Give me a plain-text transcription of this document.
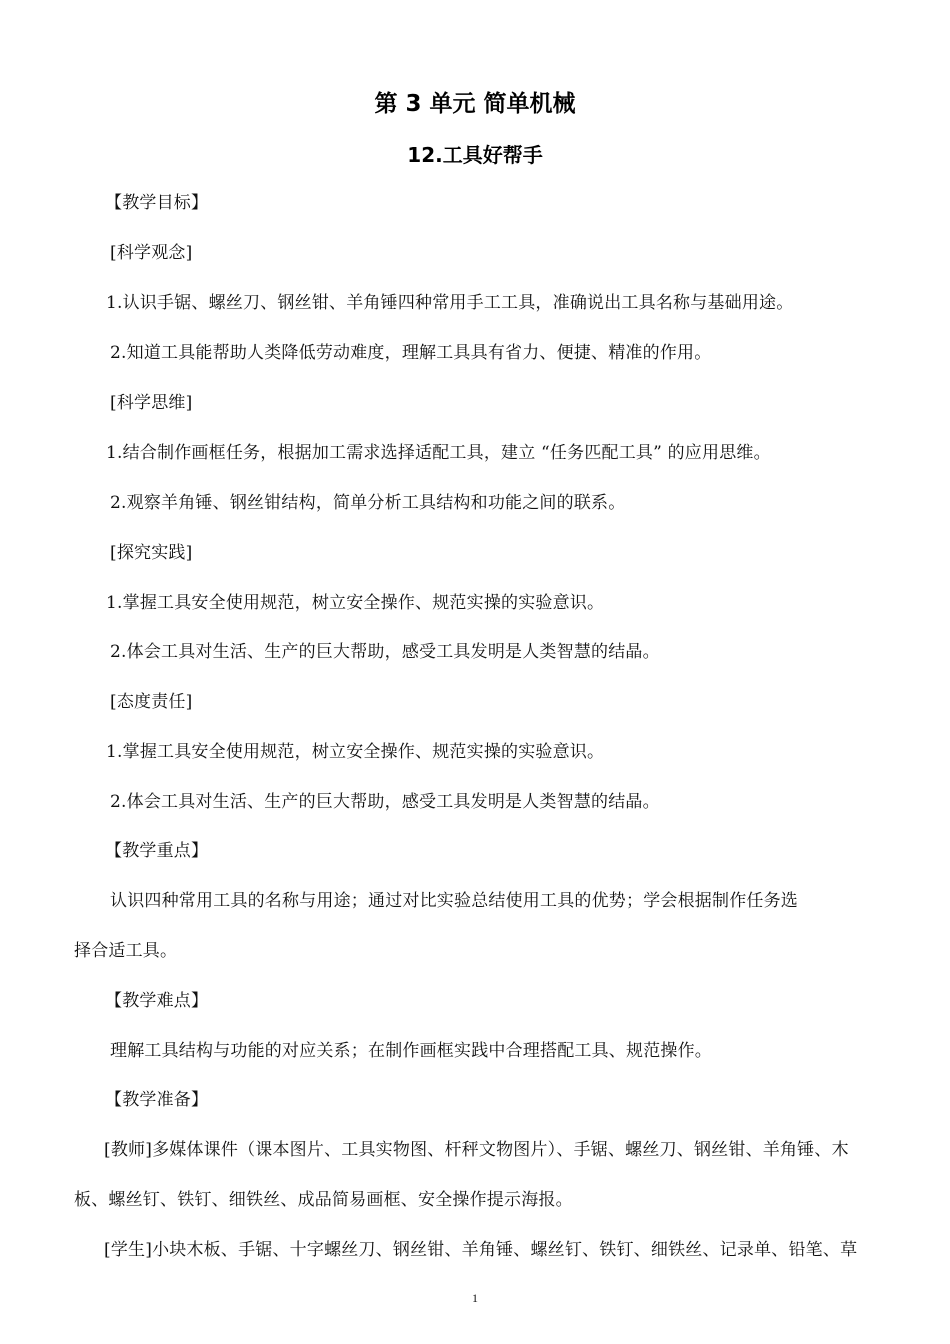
第 3 单元 简单机械
12.工具好帮手
【教学目标】
[科学观念]
1.认识手锯、螺丝刀、钢丝钳、羊角锤四种常用手工工具，准确说出工具名称与基础用途。
2.知道工具能帮助人类降低劳动难度，理解工具具有省力、便捷、精准的作用。
[科学思维]
1.结合制作画框任务，根据加工需求选择适配工具，建立 “任务匹配工具” 的应用思维。
2.观察羊角锤、钢丝钳结构，简单分析工具结构和功能之间的联系。
[探究实践]
1.掌握工具安全使用规范，树立安全操作、规范实操的实验意识。
2.体会工具对生活、生产的巨大帮助，感受工具发明是人类智慧的结晶。
[态度责任]
1.掌握工具安全使用规范，树立安全操作、规范实操的实验意识。
2.体会工具对生活、生产的巨大帮助，感受工具发明是人类智慧的结晶。
【教学重点】
认识四种常用工具的名称与用途；通过对比实验总结使用工具的优势；学会根据制作任务选
择合适工具。
【教学难点】
理解工具结构与功能的对应关系；在制作画框实践中合理搭配工具、规范操作。
【教学准备】
[教师]多媒体课件（课本图片、工具实物图、杆秤文物图片）、手锯、螺丝刀、钢丝钳、羊角锤、木
板、螺丝钉、铁钉、细铁丝、成品简易画框、安全操作提示海报。
[学生]小块木板、手锯、十字螺丝刀、钢丝钳、羊角锤、螺丝钉、铁钉、细铁丝、记录单、铅笔、草
1
